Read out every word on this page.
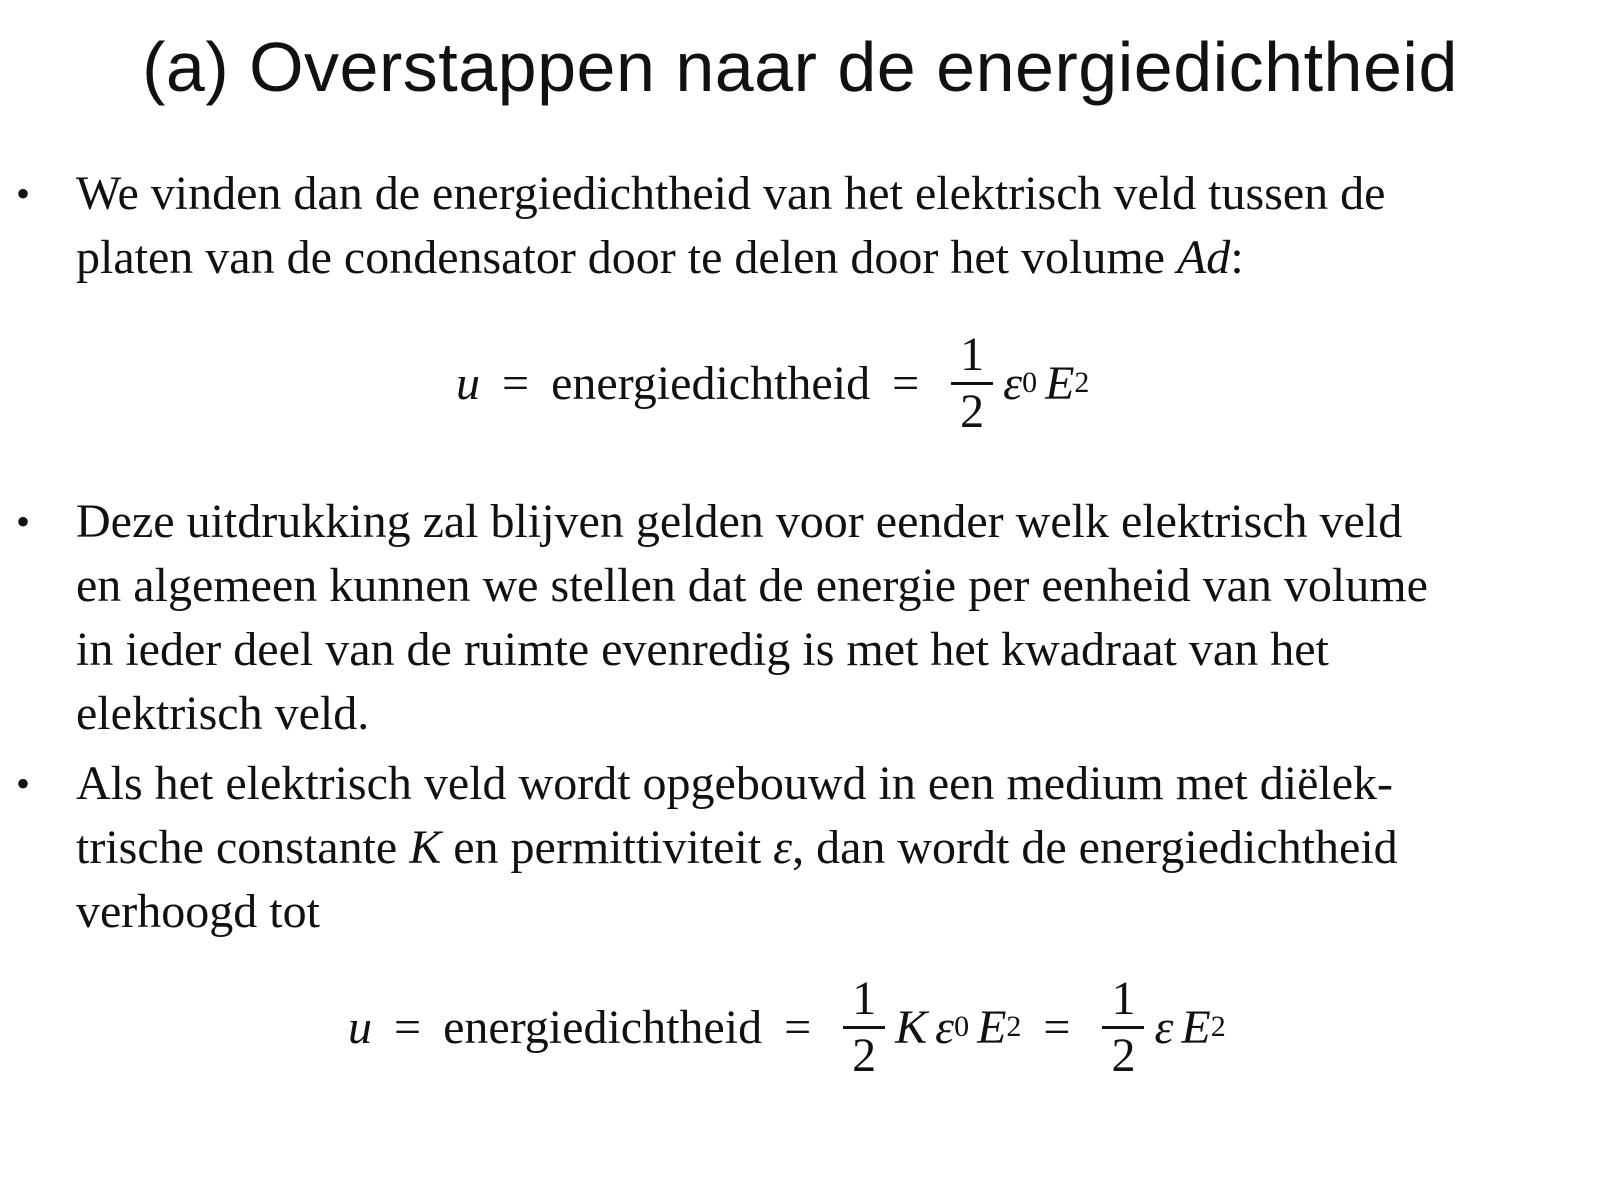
(a) Overstappen naar de energiedichtheid
• We vinden dan de energiedichtheid van het elektrisch veld tussen de
platen van de condensator door te delen door het volume Ad:
u = energiedichtheid = $\frac{1}{2}$ ε 0 E 2
• Deze uitdrukking zal blijven gelden voor eender welk elektrisch veld
en algemeen kunnen we stellen dat de energie per eenheid van volume
in ieder deel van de ruimte evenredig is met het kwadraat van het
elektrisch veld.
• Als het elektrisch veld wordt opgebouwd in een medium met diëlek-
trische constante K en permittiviteit ε, dan wordt de energiedichtheid
verhoogd tot
u = energiedichtheid = $\frac{1}{2}$ K ε 0 E $2 = \frac{1}{2}$ ε E 2
